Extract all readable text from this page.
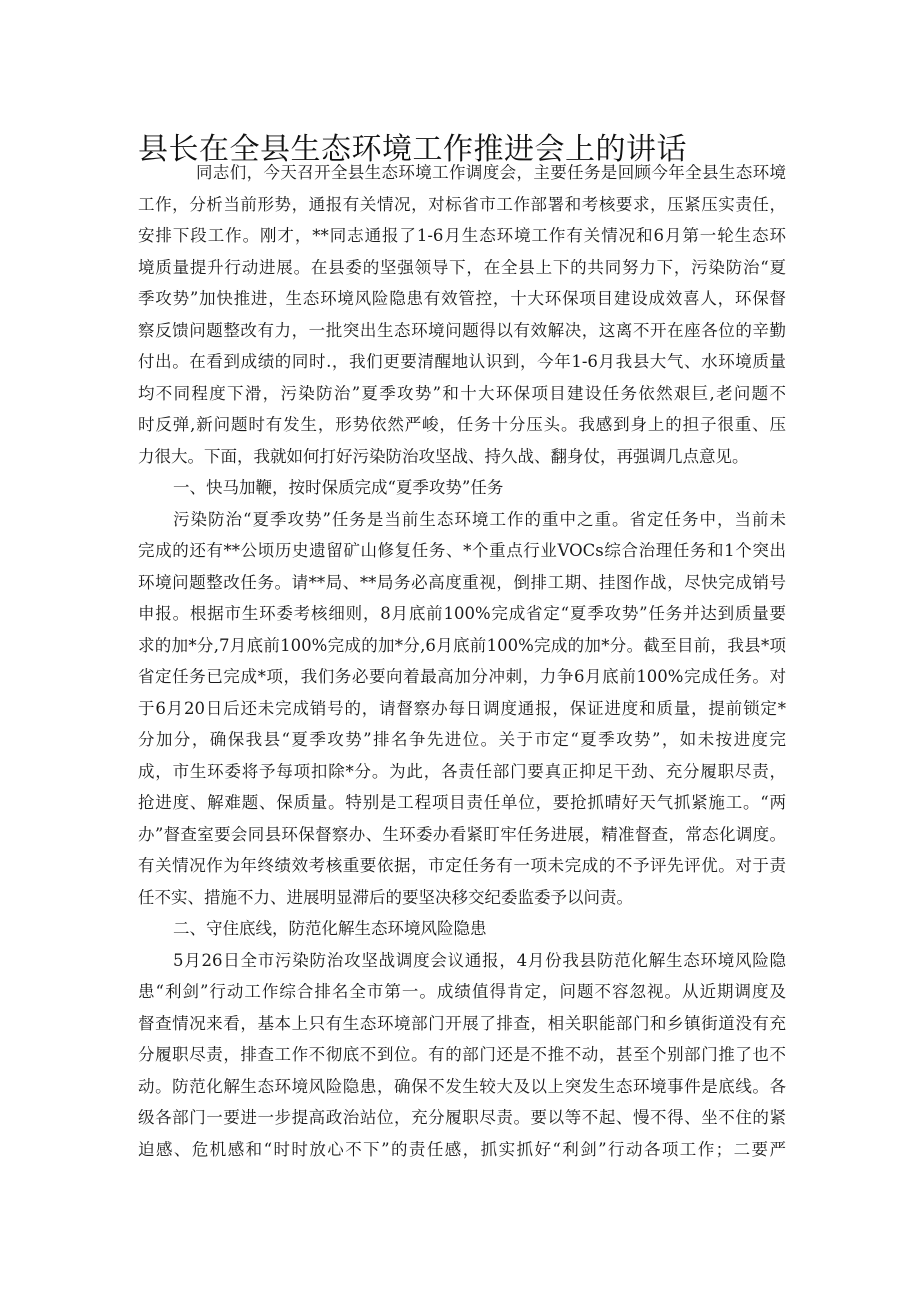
县长在全县生态环境工作推进会上的讲话
同志们，今天召开全县生态环境工作调度会，主要任务是回顾今年全县生态环境
工作，分析当前形势，通报有关情况，对标省市工作部署和考核要求，压紧压实责任，
安排下段工作。刚才，**同志通报了1-6月生态环境工作有关情况和6月第一轮生态环
境质量提升行动进展。在县委的坚强领导下，在全县上下的共同努力下，污染防治“夏
季攻势”加快推进，生态环境风险隐患有效管控，十大环保项目建设成效喜人，环保督
察反馈问题整改有力，一批突出生态环境问题得以有效解决，这离不开在座各位的辛勤
付出。在看到成绩的同时.，我们更要清醒地认识到，今年1-6月我县大气、水环境质量
均不同程度下滑，污染防治”夏季攻势”和十大环保项目建设任务依然艰巨,老问题不
时反弹,新问题时有发生，形势依然严峻，任务十分压头。我感到身上的担子很重、压
力很大。下面，我就如何打好污染防治攻坚战、持久战、翻身仗，再强调几点意见。
一、快马加鞭，按时保质完成“夏季攻势”任务
污染防治“夏季攻势”任务是当前生态环境工作的重中之重。省定任务中，当前未
完成的还有**公顷历史遗留矿山修复任务、*个重点行业VOCs综合治理任务和1个突出
环境问题整改任务。请**局、**局务必高度重视，倒排工期、挂图作战，尽快完成销号
申报。根据市生环委考核细则，8月底前100%完成省定“夏季攻势”任务并达到质量要
求的加*分,7月底前100%完成的加*分,6月底前100%完成的加*分。截至目前，我县*项
省定任务已完成*项，我们务必要向着最高加分冲刺，力争6月底前100%完成任务。对
于6月20日后还未完成销号的，请督察办每日调度通报，保证进度和质量，提前锁定*
分加分，确保我县“夏季攻势”排名争先进位。关于市定“夏季攻势”，如未按进度完
成，市生环委将予每项扣除*分。为此，各责任部门要真正抑足干劲、充分履职尽责，
抢进度、解难题、保质量。特别是工程项目责任单位，要抢抓晴好天气抓紧施工。“两
办”督查室要会同县环保督察办、生环委办看紧盯牢任务进展，精准督查，常态化调度。
有关情况作为年终绩效考核重要依据，市定任务有一项未完成的不予评先评优。对于责
任不实、措施不力、进展明显滞后的要坚决移交纪委监委予以问责。
二、守住底线，防范化解生态环境风险隐患
5月26日全市污染防治攻坚战调度会议通报，4月份我县防范化解生态环境风险隐
患“利剑”行动工作综合排名全市第一。成绩值得肯定，问题不容忽视。从近期调度及
督查情况来看，基本上只有生态环境部门开展了排查，相关职能部门和乡镇街道没有充
分履职尽责，排查工作不彻底不到位。有的部门还是不推不动，甚至个别部门推了也不
动。防范化解生态环境风险隐患，确保不发生较大及以上突发生态环境事件是底线。各
级各部门一要进一步提高政治站位，充分履职尽责。要以等不起、慢不得、坐不住的紧
迫感、危机感和“时时放心不下”的责任感，抓实抓好“利剑”行动各项工作；二要严
